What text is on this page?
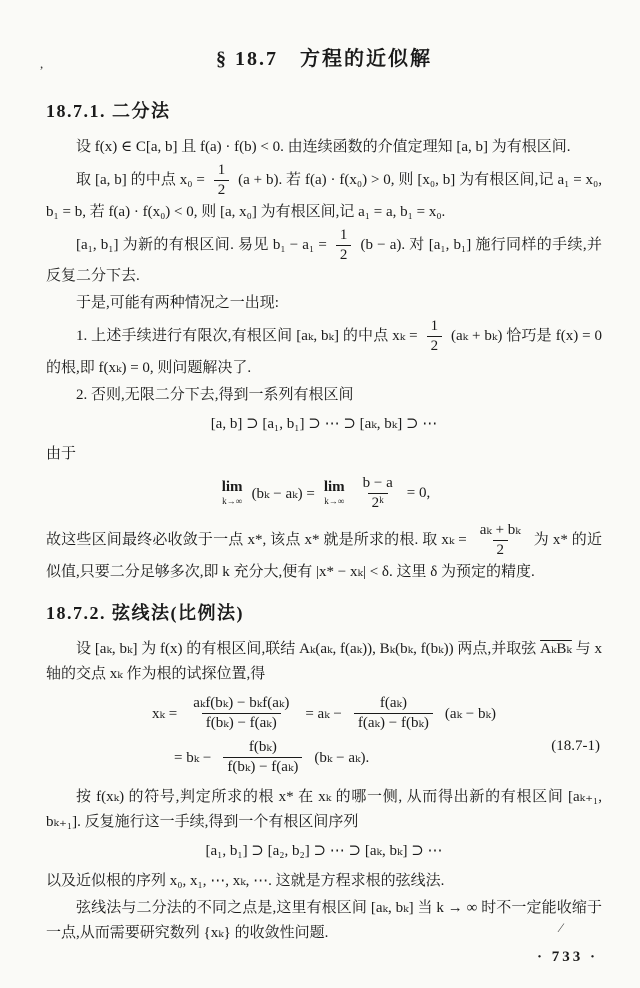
,	§ 18.7　方程的近似解
18.7.1. 二分法

设 f(x) ∈ C[a, b] 且 f(a) · f(b) < 0. 由连续函数的介值定理知 [a, b] 为有根区间.

取 [a, b] 的中点 $x_0 = \frac{1}{2} (a + b)$. 若 f(a) · f(x₀) > 0, 则 [x₀, b] 为有根区间,记 a₁ = x₀, b₁ = b, 若 f(a) · f(x₀) < 0, 则 [a, x₀] 为有根区间,记 a₁ = a, b₁ = x₀.

[a₁, b₁] 为新的有根区间. 易见 $b_1 - a_1 = \frac{1}{2} (b - a)$. 对 [a₁, b₁] 施行同样的手续,并反复二分下去.

于是,可能有两种情况之一出现:

1. 上述手续进行有限次,有根区间 [aₖ, bₖ] 的中点 $x_k = \frac{1}{2} (a_k + b_k)$ 恰巧是 f(x) = 0 的根,即 f(xₖ) = 0, 则问题解决了.

2. 否则,无限二分下去,得到一系列有根区间

[a, b] ⊃ [a₁, b₁] ⊃ ⋯ ⊃ [aₖ, bₖ] ⊃ ⋯

由于

lim
k→∞ (bₖ − aₖ) = lim
$k\to\infty \frac{b - a}{\text{2ᵏ}} = 0$,

故这些区间最终必收敛于一点 x*, 该点 x* 就是所求的根. 取 $x_k = \frac{\text{aₖ + bₖ}}{2}$ 为 x* 的近似值,只要二分足够多次,即 k 充分大,便有 |x* − xₖ| < δ. 这里 δ 为预定的精度.

18.7.2. 弦线法(比例法)

设 [aₖ, bₖ] 为 f(x) 的有根区间,联结 Aₖ(aₖ, f(aₖ)), Bₖ(bₖ, f(bₖ)) 两点,并取弦 AₖBₖ 与 x 轴的交点 xₖ 作为根的试探位置,得

$x_k = \frac{\text{aₖf(bₖ) − bₖf(aₖ)}}{\text{f(bₖ) − f(aₖ)}} = a_k - \frac{\text{f(aₖ)}}{\text{f(aₖ) − f(bₖ)}} (a_k - b_k)$
= $b_k - \frac{\text{f(bₖ)}}{\text{f(bₖ) − f(aₖ)}} (b_k - a_k)$.
(18.7-1)

按 f(xₖ) 的符号,判定所求的根 x* 在 xₖ 的哪一侧, 从而得出新的有根区间 [aₖ₊₁, bₖ₊₁]. 反复施行这一手续,得到一个有根区间序列

[a₁, b₁] ⊃ [a₂, b₂] ⊃ ⋯ ⊃ [aₖ, bₖ] ⊃ ⋯

以及近似根的序列 x₀, x₁, ⋯, xₖ, ⋯. 这就是方程求根的弦线法.

弦线法与二分法的不同之点是,这里有根区间 [aₖ, bₖ] 当 k → ∞ 时不一定能收缩于一点,从而需要研究数列 {xₖ} 的收敛性问题.	⁄
· 733 ·
